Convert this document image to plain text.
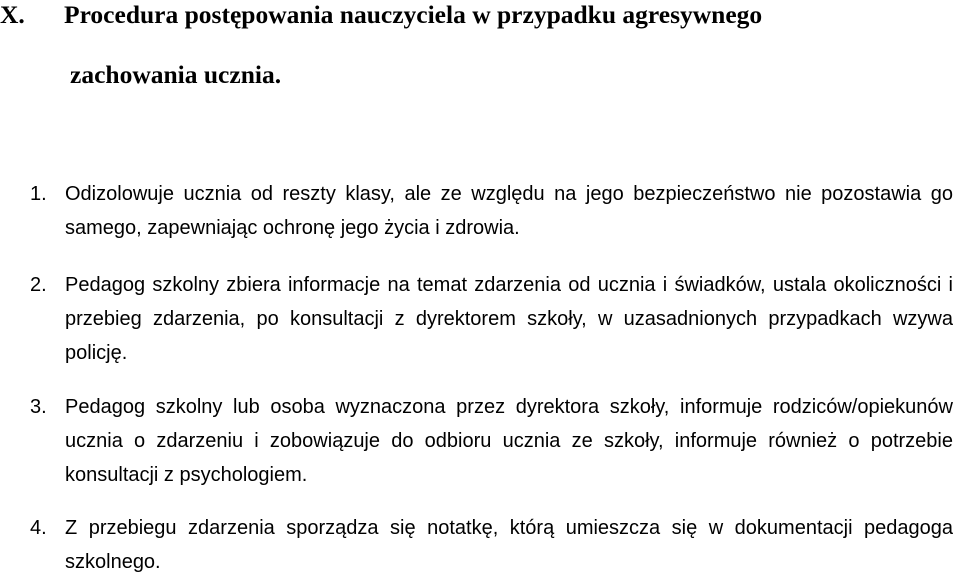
X. Procedura postępowania nauczyciela w przypadku agresywnego
zachowania ucznia.
1. Odizolowuje ucznia od reszty klasy, ale ze względu na jego bezpieczeństwo nie pozostawia go samego, zapewniając ochronę jego życia i zdrowia.
2. Pedagog szkolny zbiera informacje na temat zdarzenia od ucznia i świadków, ustala okoliczności i przebieg zdarzenia, po konsultacji z dyrektorem szkoły, w uzasadnionych przypadkach wzywa policję.
3. Pedagog szkolny lub osoba wyznaczona przez dyrektora szkoły, informuje rodziców/opiekunów ucznia o zdarzeniu i zobowiązuje do odbioru ucznia ze szkoły, informuje również o potrzebie konsultacji z psychologiem.
4. Z przebiegu zdarzenia sporządza się notatkę, którą umieszcza się w dokumentacji pedagoga szkolnego.
